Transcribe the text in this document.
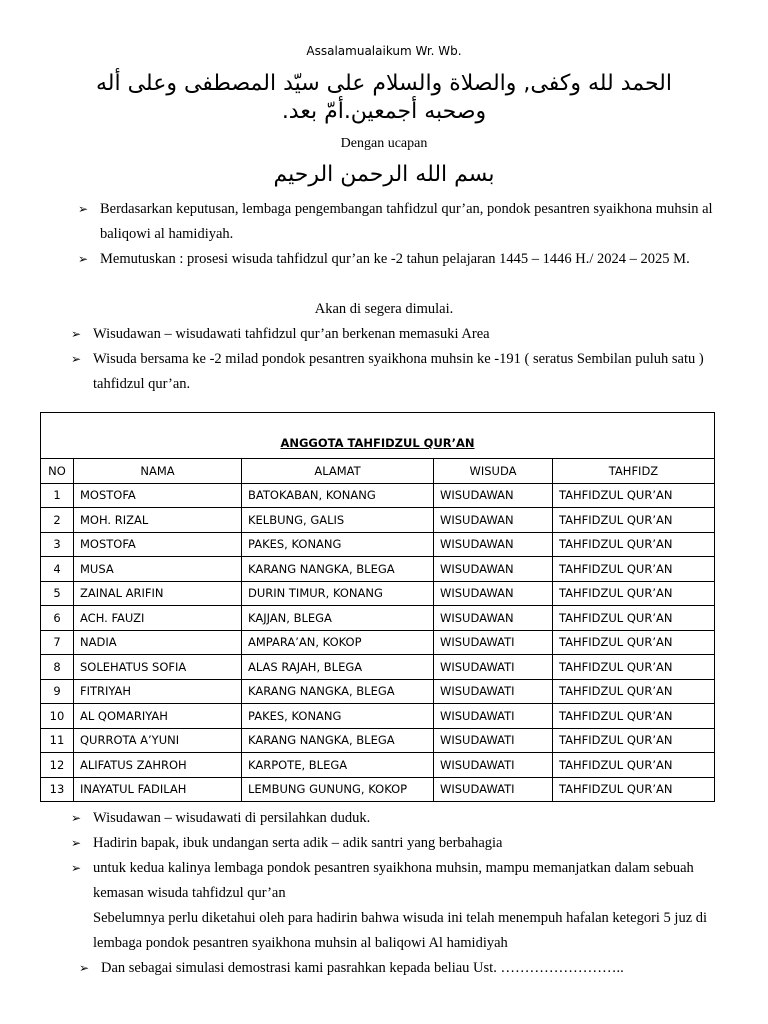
Assalamualaikum Wr. Wb.
الحمد لله وكفى, والصلاة والسلام على سيّد المصطفى وعلى أله
وصحبه أجمعين.أمّ بعد.
Dengan ucapan
بسم الله الرحمن الرحيم
➢ Berdasarkan keputusan, lembaga pengembangan tahfidzul qur’an, pondok pesantren syaikhona muhsin al baliqowi al hamidiyah.
➢ Memutuskan : prosesi wisuda tahfidzul qur’an ke -2 tahun pelajaran 1445 – 1446 H./ 2024 – 2025 M.
Akan di segera dimulai.
➢ Wisudawan – wisudawati tahfidzul qur’an berkenan memasuki Area
➢ Wisuda bersama ke -2 milad pondok pesantren syaikhona muhsin ke -191 ( seratus Sembilan puluh satu ) tahfidzul qur’an.
ANGGOTA TAHFIDZUL QUR’AN				
NO	NAMA	ALAMAT	WISUDA	TAHFIDZ
1	MOSTOFA	BATOKABAN, KONANG	WISUDAWAN	TAHFIDZUL QUR’AN
2	MOH. RIZAL	KELBUNG, GALIS	WISUDAWAN	TAHFIDZUL QUR’AN
3	MOSTOFA	PAKES, KONANG	WISUDAWAN	TAHFIDZUL QUR’AN
4	MUSA	KARANG NANGKA, BLEGA	WISUDAWAN	TAHFIDZUL QUR’AN
5	ZAINAL ARIFIN	DURIN TIMUR, KONANG	WISUDAWAN	TAHFIDZUL QUR’AN
6	ACH. FAUZI	KAJJAN, BLEGA	WISUDAWAN	TAHFIDZUL QUR’AN
7	NADIA	AMPARA’AN, KOKOP	WISUDAWATI	TAHFIDZUL QUR’AN
8	SOLEHATUS SOFIA	ALAS RAJAH, BLEGA	WISUDAWATI	TAHFIDZUL QUR’AN
9	FITRIYAH	KARANG NANGKA, BLEGA	WISUDAWATI	TAHFIDZUL QUR’AN
10	AL QOMARIYAH	PAKES, KONANG	WISUDAWATI	TAHFIDZUL QUR’AN
11	QURROTA A’YUNI	KARANG NANGKA, BLEGA	WISUDAWATI	TAHFIDZUL QUR’AN
12	ALIFATUS ZAHROH	KARPOTE, BLEGA	WISUDAWATI	TAHFIDZUL QUR’AN
13	INAYATUL FADILAH	LEMBUNG GUNUNG, KOKOP	WISUDAWATI	TAHFIDZUL QUR’AN
➢ Wisudawan – wisudawati di persilahkan duduk.
➢ Hadirin bapak, ibuk undangan serta adik – adik santri yang berbahagia
➢ untuk kedua kalinya lembaga pondok pesantren syaikhona muhsin, mampu memanjatkan dalam sebuah kemasan wisuda tahfidzul qur’an
Sebelumnya perlu diketahui oleh para hadirin bahwa wisuda ini telah menempuh hafalan ketegori 5 juz di lembaga pondok pesantren syaikhona muhsin al baliqowi Al hamidiyah
➢ Dan sebagai simulasi demostrasi kami pasrahkan kepada beliau Ust. ……………………..
